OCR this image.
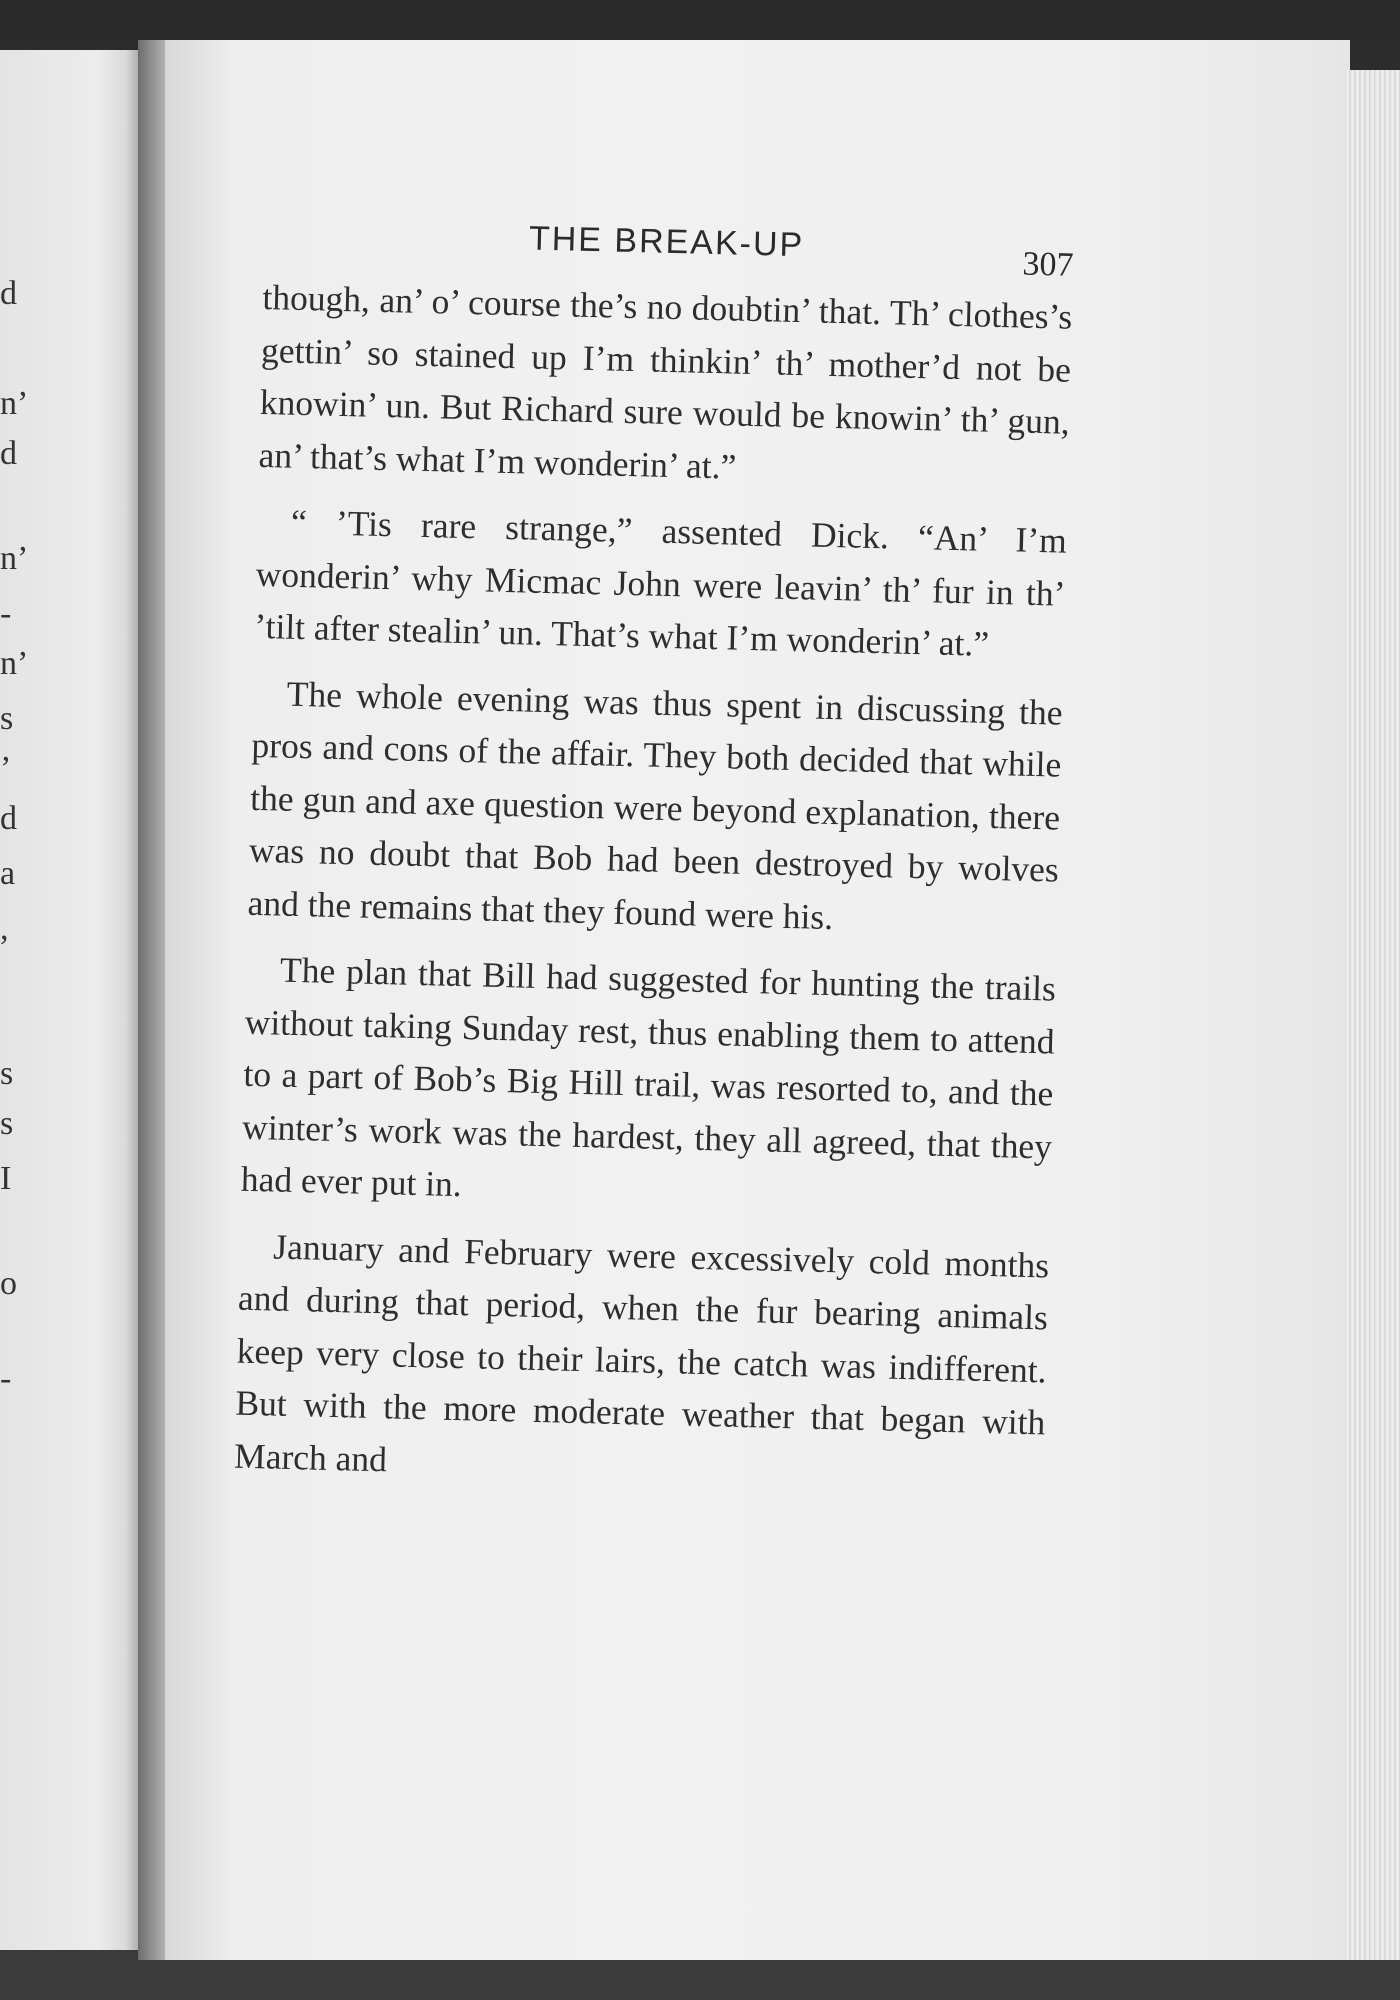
d
n’
d
n’
-
n’
s
’
d
a
,
s
s
I
o
-
THE BREAK-UP
307

though, an’ o’ course the’s no doubtin’ that. Th’ clothes’s gettin’ so stained up I’m thinkin’ th’ mother’d not be knowin’ un. But Richard sure would be knowin’ th’ gun, an’ that’s what I’m wonderin’ at.”

“ ’Tis rare strange,” assented Dick. “An’ I’m wonderin’ why Micmac John were leavin’ th’ fur in th’ ’tilt after stealin’ un. That’s what I’m wonderin’ at.”

The whole evening was thus spent in discussing the pros and cons of the affair. They both decided that while the gun and axe question were beyond explanation, there was no doubt that Bob had been destroyed by wolves and the remains that they found were his.

The plan that Bill had suggested for hunting the trails without taking Sunday rest, thus enabling them to attend to a part of Bob’s Big Hill trail, was resorted to, and the winter’s work was the hardest, they all agreed, that they had ever put in.

January and February were excessively cold months and during that period, when the fur bearing animals keep very close to their lairs, the catch was indifferent. But with the more moderate weather that began with March and
